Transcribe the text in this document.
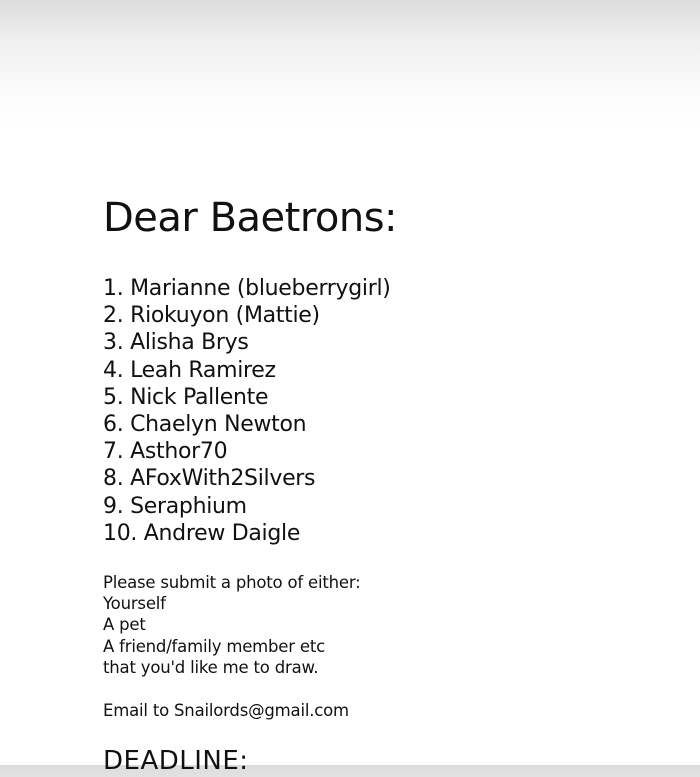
Dear Baetrons:
1. Marianne (blueberrygirl)
2. Riokuyon (Mattie)
3. Alisha Brys
4. Leah Ramirez
5. Nick Pallente
6. Chaelyn Newton
7. Asthor70
8. AFoxWith2Silvers
9. Seraphium
10. Andrew Daigle
Please submit a photo of either:
Yourself
A pet
A friend/family member etc
that you'd like me to draw.
Email to Snailords@gmail.com
DEADLINE:
